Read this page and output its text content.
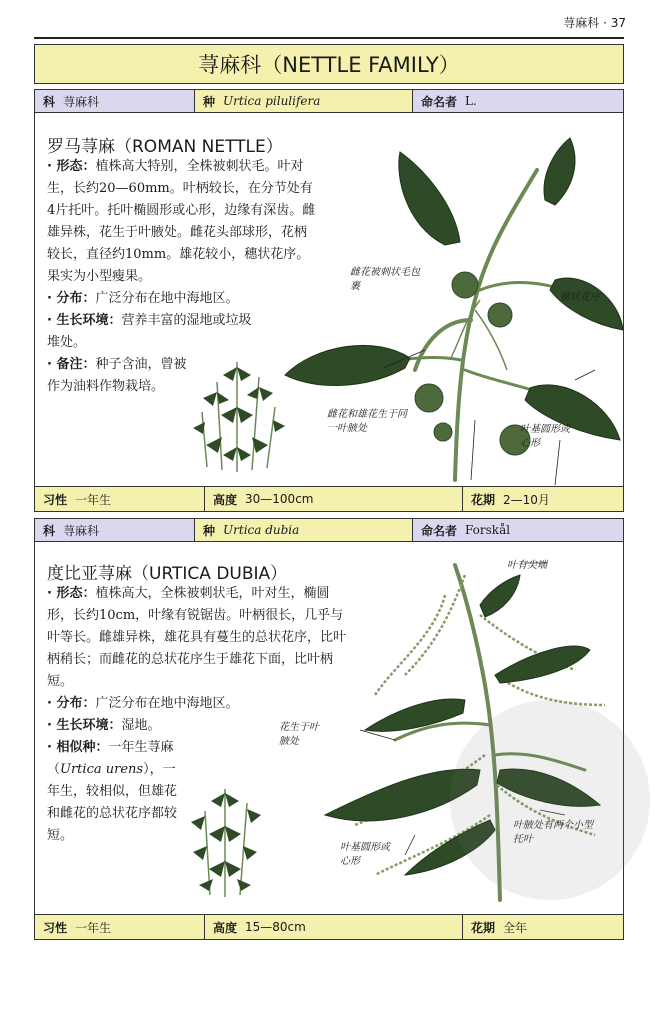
荨麻科 · 37
荨麻科（NETTLE FAMILY）
科 荨麻科	种 Urtica pilulifera	命名者 L.
罗马荨麻（ROMAN NETTLE）

· 形态：植株高大特别，全株被刺状毛。叶对生，长约20—60mm。叶柄较长，在分节处有4片托叶。托叶椭圆形或心形，边缘有深齿。雌雄异株，花生于叶腋处。雌花头部球形，花柄较长，直径约10mm。雄花较小，穗状花序。果实为小型瘦果。

· 分布：广泛分布在地中海地区。

· 生长环境：营养丰富的湿地或垃圾堆处。

· 备注：种子含油，曾被作为油料作物栽培。

雌花被刺状毛包裹
穗状花序
雌花和雄花生于同一叶腋处	叶基圆形或心形
习性 一年生	高度 30—100cm	花期 2—10月
科 荨麻科	种 Urtica dubia	命名者 Forskål
度比亚荨麻（URTICA DUBIA）

· 形态：植株高大，全株被刺状毛，叶对生，椭圆形，长约10cm，叶缘有锐锯齿。叶柄很长，几乎与叶等长。雌雄异株，雄花具有蔓生的总状花序，比叶柄稍长；而雌花的总状花序生于雄花下面，比叶柄短。

· 分布：广泛分布在地中海地区。

· 生长环境：湿地。

· 相似种：一年生荨麻（Urtica urens），一年生，较相似，但雄花和雌花的总状花序都较短。

叶有尖端
花生于叶腋处
叶腋处有两个小型托叶
叶基圆形或心形
习性 一年生	高度 15—80cm	花期 全年
